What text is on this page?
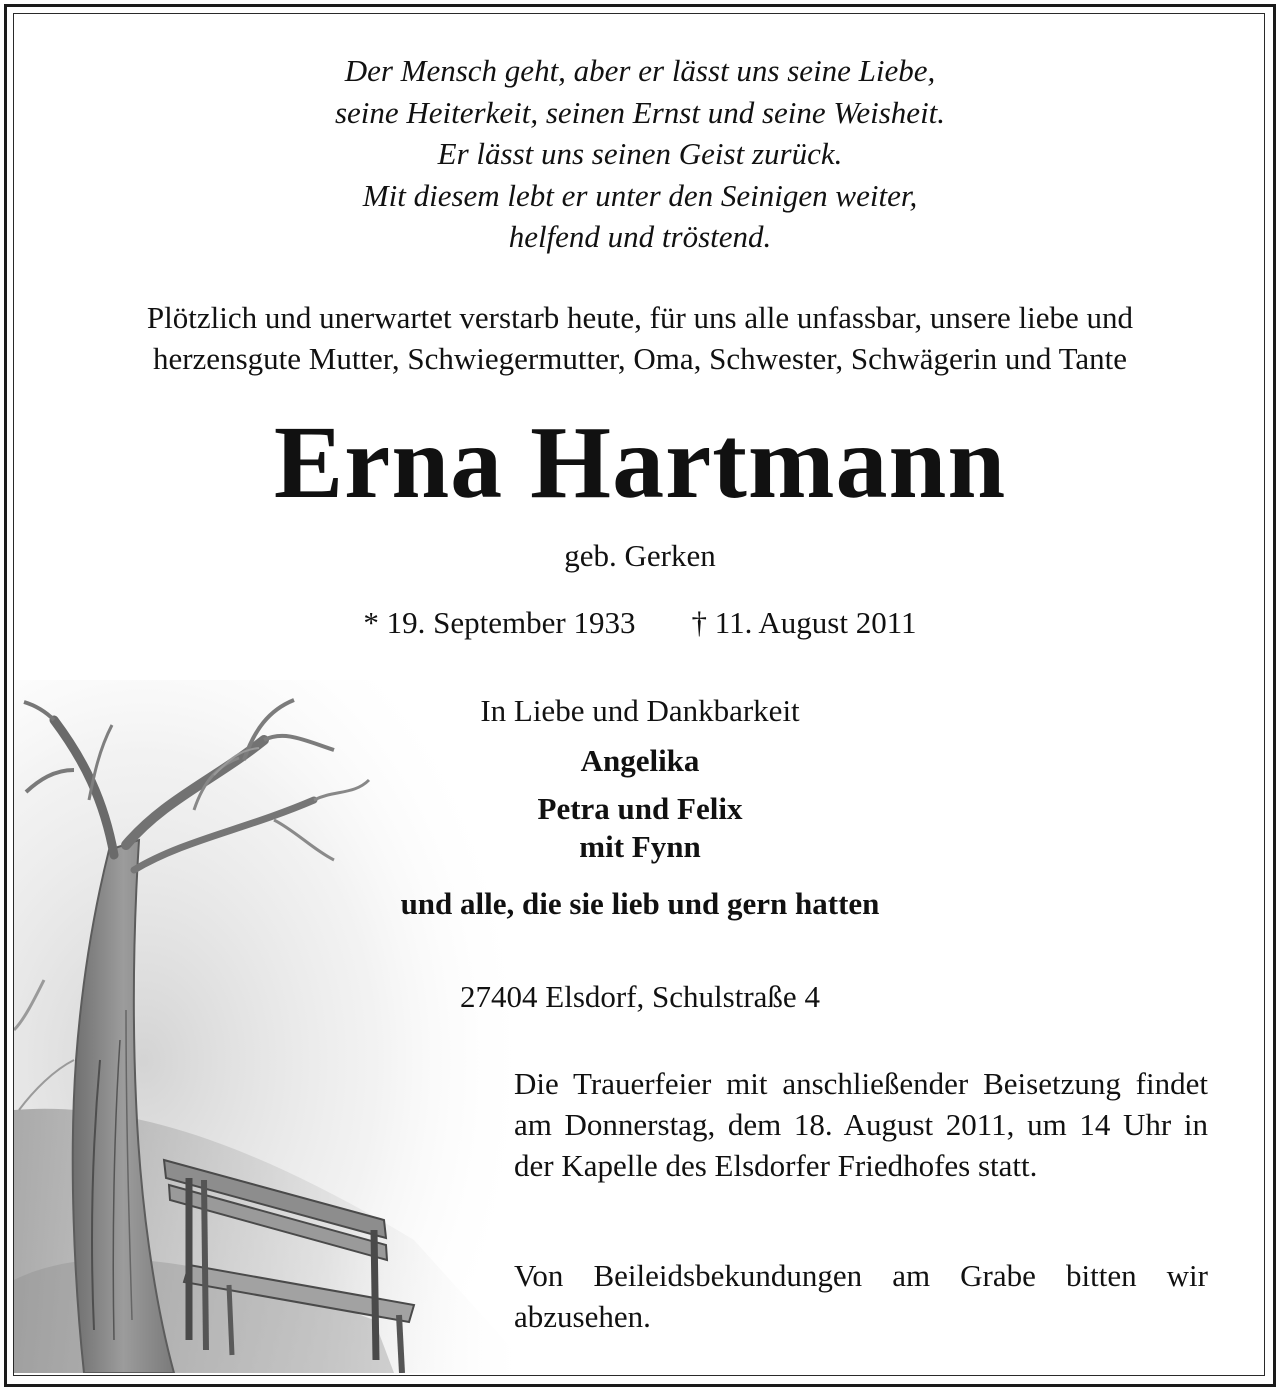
Der Mensch geht, aber er lässt uns seine Liebe,
seine Heiterkeit, seinen Ernst und seine Weisheit.
Er lässt uns seinen Geist zurück.
Mit diesem lebt er unter den Seinigen weiter,
helfend und tröstend.
Plötzlich und unerwartet verstarb heute, für uns alle unfassbar, unsere liebe und
herzensgute Mutter, Schwiegermutter, Oma, Schwester, Schwägerin und Tante
Erna Hartmann
geb. Gerken
* 19. September 1933 † 11. August 2011
In Liebe und Dankbarkeit
Angelika
Petra und Felix
mit Fynn
und alle, die sie lieb und gern hatten
27404 Elsdorf, Schulstraße 4

Die Trauerfeier mit anschließender Beisetzung findet am Donnerstag, dem 18. August 2011, um 14 Uhr in der Kapelle des Elsdorfer Friedhofes statt.

Von Beileidsbekundungen am Grabe bitten wir abzusehen.
